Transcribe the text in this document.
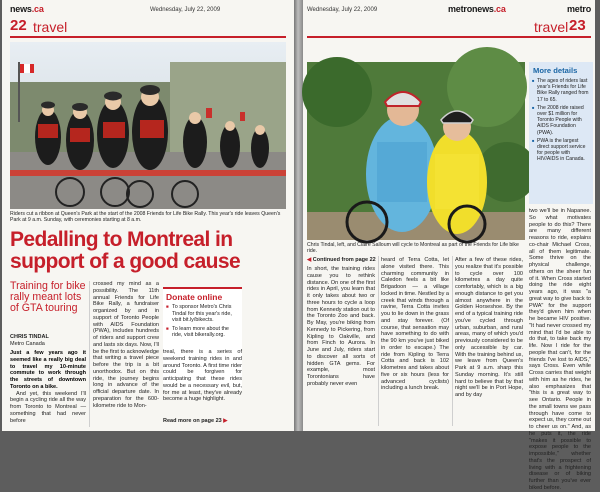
news.ca	Wednesday, July 22, 2009
22 travel
Riders cut a ribbon at Queen's Park at the start of the 2008 Friends for Life Bike Rally. This year's ride leaves Queen's Park at 9 a.m. Sunday, with ceremonies starting at 8 a.m.
Pedalling to Montreal in
support of a good cause
Training for bike rally meant lots of GTA touring
CHRIS TINDAL
Metro Canada
Just a few years ago it seemed like a really big deal to travel my 10-minute commute to work through the streets of downtown Toronto on a bike.
And yet, this weekend I'll begin a cycling ride all the way from Toronto to Montreal — something that had never before
crossed my mind as a possibility. The 11th annual Friends for Life Bike Rally, a fundraiser organized by and in support of Toronto People with AIDS Foundation (PWA), includes hundreds of riders and support crew and lasts six days. Now, I'll be the first to acknowledge that writing a travel piece before the trip is a bit unorthodox. But on this ride, the journey begins long in advance of the official departure date. In preparation for the 600-kilometre ride to Mon-
Donate online
■ To sponsor Metro's Chris Tindal for this year's ride, visit bit.ly/bikects.
■ To learn more about the ride, visit bikerally.org.
treal, there is a series of weekend training rides in and around Toronto. A first time rider could be forgiven for anticipating that these rides would be a necessary evil, but, for me at least, they've already become a huge highlight.
Read more on page 23 ▶
Wednesday, July 22, 2009	metronews.ca	metro
travel 23
Chris Tindal, left, and Claire Salloum will cycle to Montreal as part of the Friends for Life bike ride.
◀ Continued from page 22
In short, the training rides cause you to rethink distance. On one of the first rides in April, you learn that it only takes about two or three hours to cycle a loop from Kennedy station out to the Toronto Zoo and back. By May, you're biking from Kennedy to Pickering, from Kipling to Oakville, and from Finch to Aurora. In June and July, riders start to discover all sorts of hidden GTA gems. For example, most Torontonians have probably never even
heard of Terra Cotta, let alone visited there. This charming community in Caledon feels a bit like Brigadoon — a village locked in time. Nestled by a creek that winds through a ravine, Terra Cotta invites you to lie down in the grass and stay forever. (Of course, that sensation may have something to do with the 90 km you've just biked in order to escape.) The ride from Kipling to Terra Cotta and back is 102 kilometres and takes about five or six hours (less for advanced cyclists) including a lunch break.
After a few of these rides, you realize that it's possible to cycle over 100 kilometres a day quite comfortably, which is a big enough distance to get you almost anywhere in the Golden Horseshoe. By the end of a typical training ride you've cycled through urban, suburban, and rural areas, many of which you'd previously considered to be only accessible by car. With the training behind us, we leave from Queen's Park at 9 a.m. sharp this Sunday morning. It's still hard to believe that by that night we'll be in Port Hope, and by day
More details
■ The ages of riders last year's Friends for Life Bike Rally ranged from 17 to 65.
■ The 2008 ride raised over $1 million for Toronto People with AIDS Foundation (PWA).
■ PWA is the largest direct support service for people with HIV/AIDS in Canada.
two we'll be in Napanee. So what motivates people to do this? There are many different reasons to ride, explains co-chair Michael Cross, all of them legitimate. Some thrive on the physical challenge, others on the sheer fun of it. When Cross started doing the ride eight years ago, it was "a great way to give back to PWA" for the support they'd given him when he became HIV positive. "It had never crossed my mind that I'd be able to do that, to take back my life. Now I ride for the people that can't, for the friends I've lost to AIDS," says Cross. Even while Cross carries that weight with him as he rides, he also emphasizes that "this is a great way to see Ontario. People in the small towns we pass through have come to expect us, they come out to cheer us on." And, as he puts it, the ride "makes it possible to expose people to the impossible," whether that's the prospect of living with a frightening disease or of biking further than you've ever biked before.
